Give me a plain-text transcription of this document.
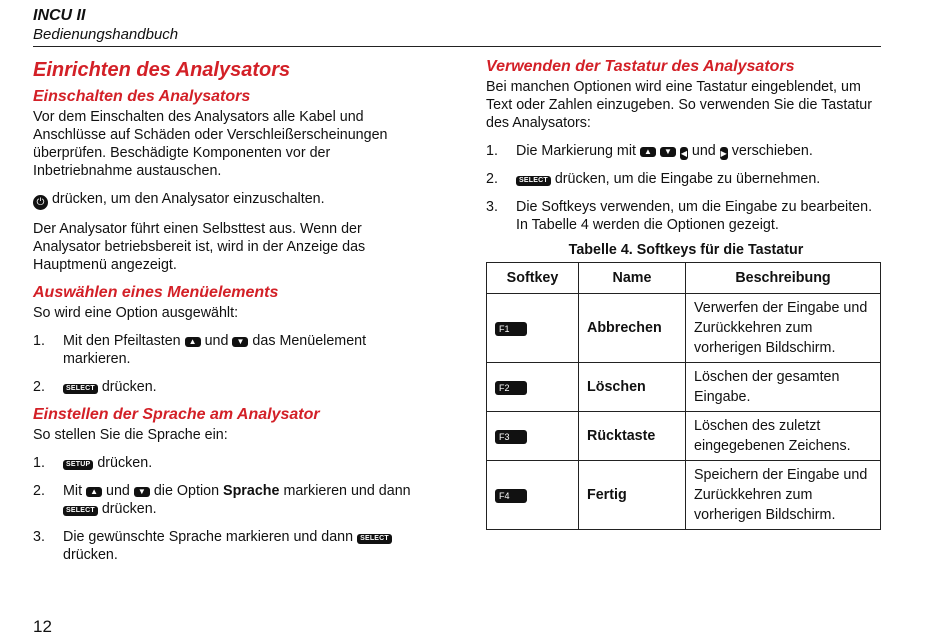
INCU II
Bedienungshandbuch
Einrichten des Analysators
Einschalten des Analysators

Vor dem Einschalten des Analysators alle Kabel und Anschlüsse auf Schäden oder Verschleißerscheinungen überprüfen. Beschädigte Komponenten vor der Inbetriebnahme austauschen.

⏻ drücken, um den Analysator einzuschalten.

Der Analysator führt einen Selbsttest aus. Wenn der Analysator betriebsbereit ist, wird in der Anzeige das Hauptmenü angezeigt.

Auswählen eines Menüelements

So wird eine Option ausgewählt:

1. Mit den Pfeiltasten ▲ und ▼ das Menüelement markieren.
2.	SELECT drücken.
Einstellen der Sprache am Analysator

So stellen Sie die Sprache ein:

1.	SETUP drücken.
2. Mit ▲ und ▼ die Option Sprache markieren und dann SELECT drücken.
3. Die gewünschte Sprache markieren und dann SELECT drücken.
Verwenden der Tastatur des Analysators

Bei manchen Optionen wird eine Tastatur eingeblendet, um Text oder Zahlen einzugeben. So verwenden Sie die Tastatur des Analysators:

1. Die Markierung mit ▲ ▼ ◀ und ▶ verschieben.
2.	SELECT drücken, um die Eingabe zu übernehmen.
3. Die Softkeys verwenden, um die Eingabe zu bearbeiten. In Tabelle 4 werden die Optionen gezeigt.
Tabelle 4. Softkeys für die Tastatur
Softkey	Name	Beschreibung
F1	Abbrechen	Verwerfen der Eingabe und Zurückkehren zum vorherigen Bildschirm.
F2	Löschen	Löschen der gesamten Eingabe.
F3	Rücktaste	Löschen des zuletzt eingegebenen Zeichens.
F4	Fertig	Speichern der Eingabe und Zurückkehren zum vorherigen Bildschirm.
12
